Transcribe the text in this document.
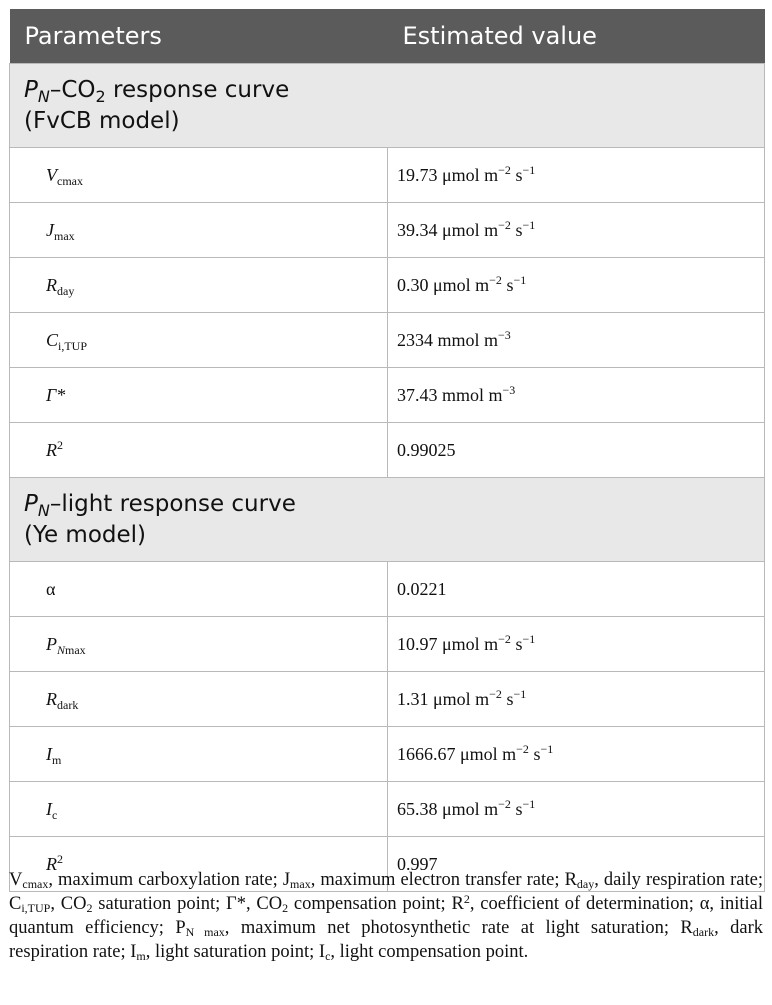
Parameters	Estimated value
$P_N-CO_2$ response curve
(FvCB model)	
$V_{cmax}$	19.73 μmol $m^{-2}$ $s^{-1}$
$J_{max}$	39.34 μmol $m^{-2}$ $s^{-1}$
$R_{day}$	0.30 μmol $m^{-2}$ $s^{-1}$
$C_{i,TUP}$	2334 mmol $m^{-3}$
Γ*	37.43 mmol $m^{-3}$
$R^2$	0.99025
$P_N$–light response curve
(Ye model)	
α	0.0221
$P_{Nmax}$	10.97 μmol $m^{-2}$ $s^{-1}$
$R_{dark}$	1.31 μmol $m^{-2}$ $s^{-1}$
$I_m$	1666.67 μmol $m^{-2}$ $s^{-1}$
$I_c$	65.38 μmol $m^{-2}$ $s^{-1}$
$R^2$	0.997

$V_{cmax}$, maximum carboxylation rate; $J_{max}$, maximum electron transfer rate; $R_{day}$, daily respiration rate; $C_{i,TUP}$, $CO_2$ saturation point; Γ*, $CO_2$ compensation point; $R^2$, coefficient of determination; α, initial quantum efficiency; $P_{N max}$, maximum net photosynthetic rate at light saturation; $R_{dark}$, dark respiration rate; $I_m$, light saturation point; $I_c$, light compensation point.
